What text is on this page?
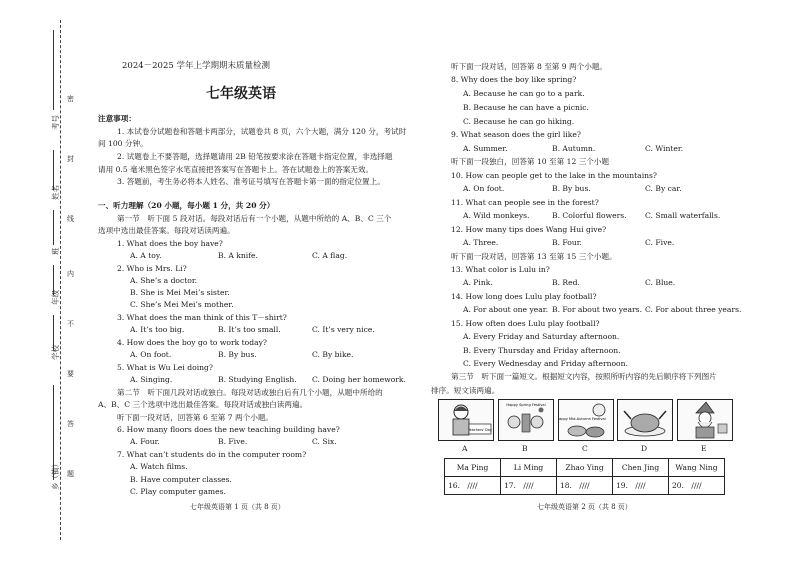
考号
姓名
班
年级
学校
乡（镇）
密
封
线
内
不
要
答
题
2024－2025 学年上学期期末质量检测
七年级英语
注意事项：
1. 本试卷分试题卷和答题卡两部分，试题卷共 8 页，六个大题，满分 120 分，考试时
间 100 分钟。
2. 试题卷上不要答题，选择题请用 2B 铅笔按要求涂在答题卡指定位置，非选择题
请用 0.5 毫米黑色签字水笔直接把答案写在答题卡上。答在试题卷上的答案无效。
3. 答题前，考生务必将本人姓名、准考证号填写在答题卡第一面的指定位置上。
一、听力理解（20 小题，每小题 1 分，共 20 分）
第一节　听下面 5 段对话。每段对话后有一个小题，从题中所给的 A、B、C 三个
选项中选出最佳答案。每段对话读两遍。
1. What does the boy have?
A. A toy.	B. A knife.	C. A flag.
2. Who is Mrs. Li?
A. She’s a doctor.
B. She is Mei Mei’s sister.
C. She’s Mei Mei’s mother.
3. What does the man think of this T－shirt?
A. It’s too big.	B. It’s too small.	C. It’s very nice.
4. How does the boy go to work today?
A. On foot.	B. By bus.	C. By bike.
5. What is Wu Lei doing?
A. Singing.	B. Studying English. C. Doing her homework.
第二节　听下面几段对话或独白。每段对话或独白后有几个小题，从题中所给的
A、B、C 三个选项中选出最佳答案。每段对话或独白读两遍。
听下面一段对话，回答第 6 至第 7 两个小题。
6. How many floors does the new teaching building have?
A. Four.	B. Five.	C. Six.
7. What can’t students do in the computer room?
A. Watch films.
B. Have computer classes.
C. Play computer games.
七年级英语第 1 页（共 8 页）
听下面一段对话，回答第 8 至第 9 两个小题。
8. Why does the boy like spring?
A. Because he can go to a park.
B. Because he can have a picnic.
C. Because he can go hiking.
9. What season does the girl like?
A. Summer.	B. Autumn.	C. Winter.
听下面一段独白，回答第 10 至第 12 三个小题
10. How can people get to the lake in the mountains?
A. On foot.	B. By bus.	C. By car.
11. What can people see in the forest?
A. Wild monkeys.	B. Colorful flowers. C. Small waterfalls.
12. How many tips does Wang Hui give?
A. Three.	B. Four.	C. Five.
听下面一段对话，回答第 13 至第 15 三个小题。
13. What color is Lulu in?
A. Pink.	B. Red.	C. Blue.
14. How long does Lulu play football?
A. For about one year. B. For about two years. C. For about three years.
15. How often does Lulu play football?
A. Every Friday and Saturday afternoon.
B. Every Thursday and Friday afternoon.
C. Every Wednesday and Friday afternoon.
第三节　听下面一篇短文。根据短文内容，按照所听内容的先后顺序将下列图片
排序。短文读两遍。
Teachers' Day
Happy Spring Festival
Happy Mid-Autumn Festival
A	B	C	D	E
Ma Ping	Li Ming	Zhao Ying	Chen Jing	Wang Ning
16.　////	17.　////	18.　////	19.　////	20.　////
七年级英语第 2 页（共 8 页）
